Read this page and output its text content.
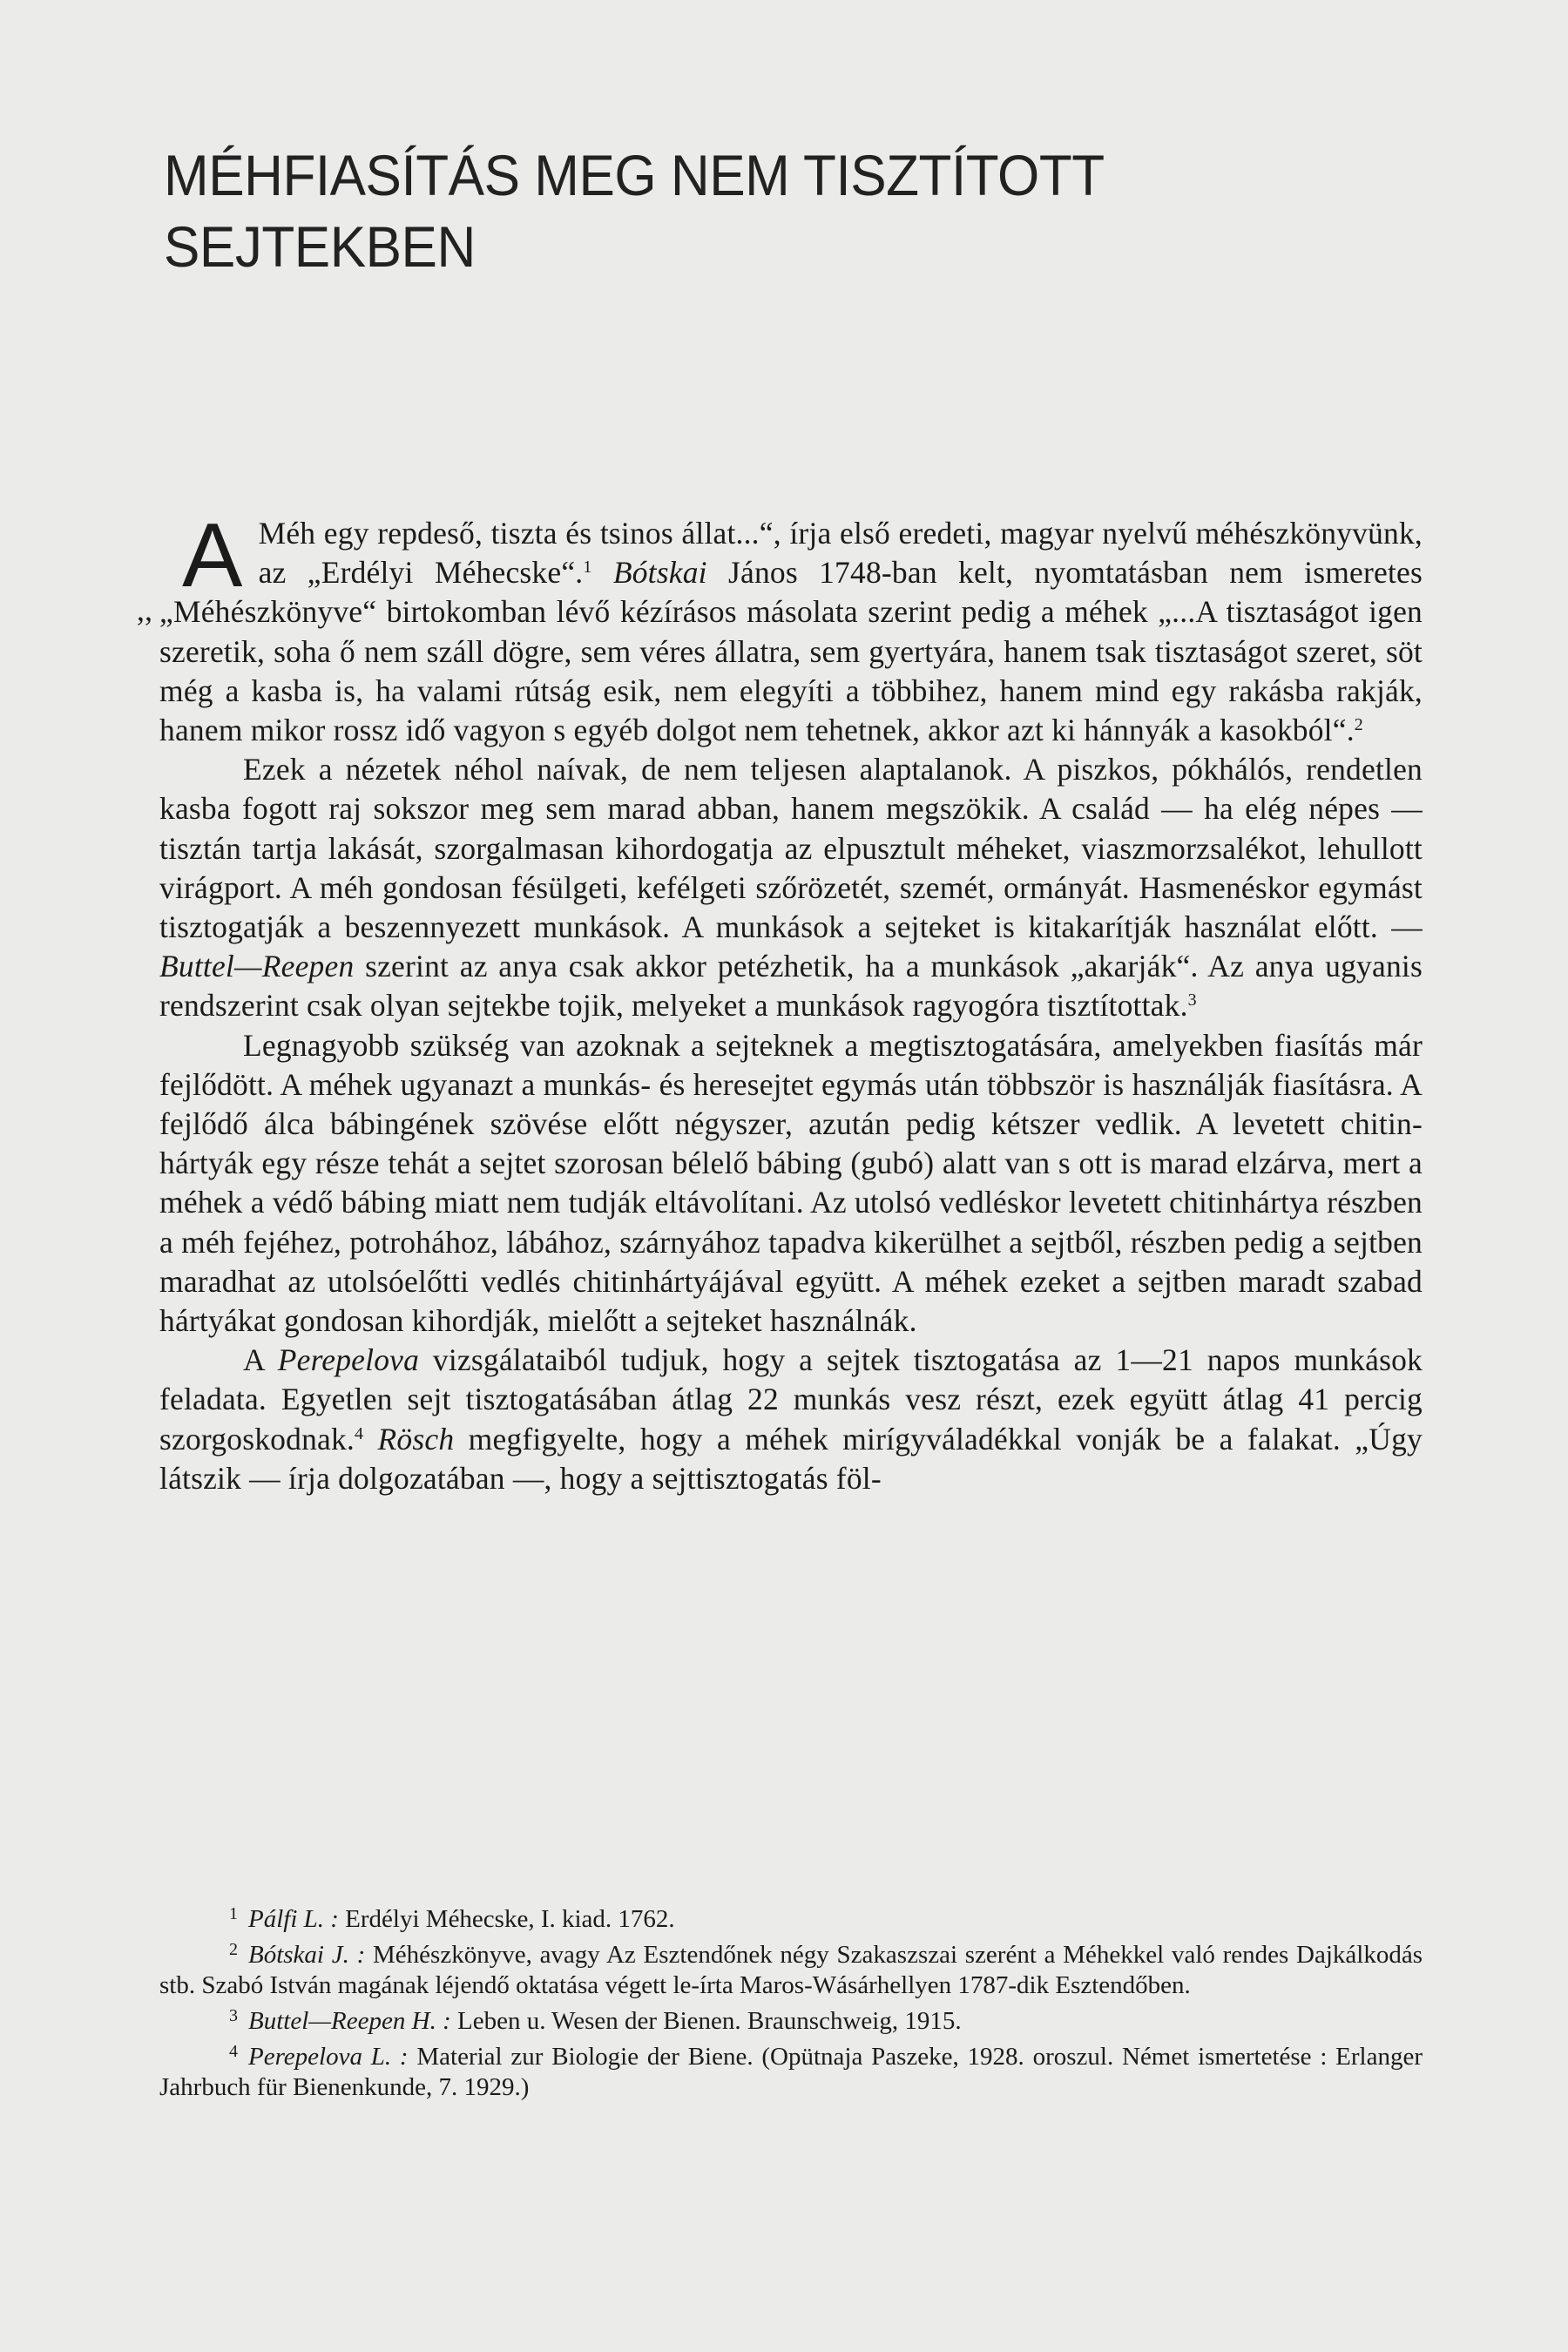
MÉHFIASÍTÁS MEG NEM TISZTÍTOTT
SEJTEKBEN

A
,,
Méh egy repdeső, tiszta és tsinos állat...“, írja első eredeti, magyar nyelvű méhészkönyvünk, az „Erdélyi Méhecske“.$^1$ Bótskai János 1748-ban kelt, nyomtatásban nem ismeretes „Méhészkönyve“ birtokomban lévő kézírásos másolata szerint pedig a méhek „...A tisztaságot igen szeretik, soha ő nem száll dögre, sem véres állatra, sem gyertyára, hanem tsak tisztaságot szeret, söt még a kasba is, ha valami rútság esik, nem elegyíti a többihez, hanem mind egy rakásba rakják, hanem mikor rossz idő vagyon s egyéb dolgot nem tehetnek, akkor azt ki hánnyák a kasokból“.$^2$

Ezek a nézetek néhol naívak, de nem teljesen alaptalanok. A piszkos, pókhálós, rendetlen kasba fogott raj sokszor meg sem marad abban, hanem megszökik. A család — ha elég népes — tisztán tartja lakását, szorgalmasan kihordogatja az elpusztult méheket, viaszmorzsalékot, lehullott virágport. A méh gondosan fésülgeti, kefélgeti szőrözetét, szemét, ormányát. Hasmenéskor egymást tisztogatják a beszennyezett munkások. A munkások a sejteket is kitakarítják használat előtt. — Buttel—Reepen szerint az anya csak akkor petézhetik, ha a munkások „akarják“. Az anya ugyanis rendszerint csak olyan sejtekbe tojik, melyeket a munkások ragyogóra tisztítottak.$^3$

Legnagyobb szükség van azoknak a sejteknek a megtisztogatására, amelyekben fiasítás már fejlődött. A méhek ugyanazt a munkás- és heresejtet egymás után többször is használják fiasításra. A fejlődő álca bábingének szövése előtt négyszer, azután pedig kétszer vedlik. A levetett chitin-hártyák egy része tehát a sejtet szorosan bélelő bábing (gubó) alatt van s ott is marad elzárva, mert a méhek a védő bábing miatt nem tudják eltávolítani. Az utolsó vedléskor levetett chitinhártya részben a méh fejéhez, potrohához, lábához, szárnyához tapadva kikerülhet a sejtből, részben pedig a sejtben maradhat az utolsóelőtti vedlés chitinhártyájával együtt. A méhek ezeket a sejtben maradt szabad hártyákat gondosan kihordják, mielőtt a sejteket használnák.

A Perepelova vizsgálataiból tudjuk, hogy a sejtek tisztogatása az 1—21 napos munkások feladata. Egyetlen sejt tisztogatásában átlag 22 munkás vesz részt, ezek együtt átlag 41 percig szorgoskodnak.$^4$ Rösch megfigyelte, hogy a méhek mirígyváladékkal vonják be a falakat. „Úgy látszik — írja dolgozatában —, hogy a sejttisztogatás föl-

$^1$ Pálfi L. : Erdélyi Méhecske, I. kiad. 1762.

$^2$ Bótskai J. : Méhészkönyve, avagy Az Esztendőnek négy Szakaszszai szerént a Méhekkel való rendes Dajkálkodás stb. Szabó István magának léjendő oktatása végett le-írta Maros-Wásárhellyen 1787-dik Esztendőben.

$^3$ Buttel—Reepen H. : Leben u. Wesen der Bienen. Braunschweig, 1915.

$^4$ Perepelova L. : Material zur Biologie der Biene. (Opütnaja Paszeke, 1928. oroszul. Német ismertetése : Erlanger Jahrbuch für Bienenkunde, 7. 1929.)
